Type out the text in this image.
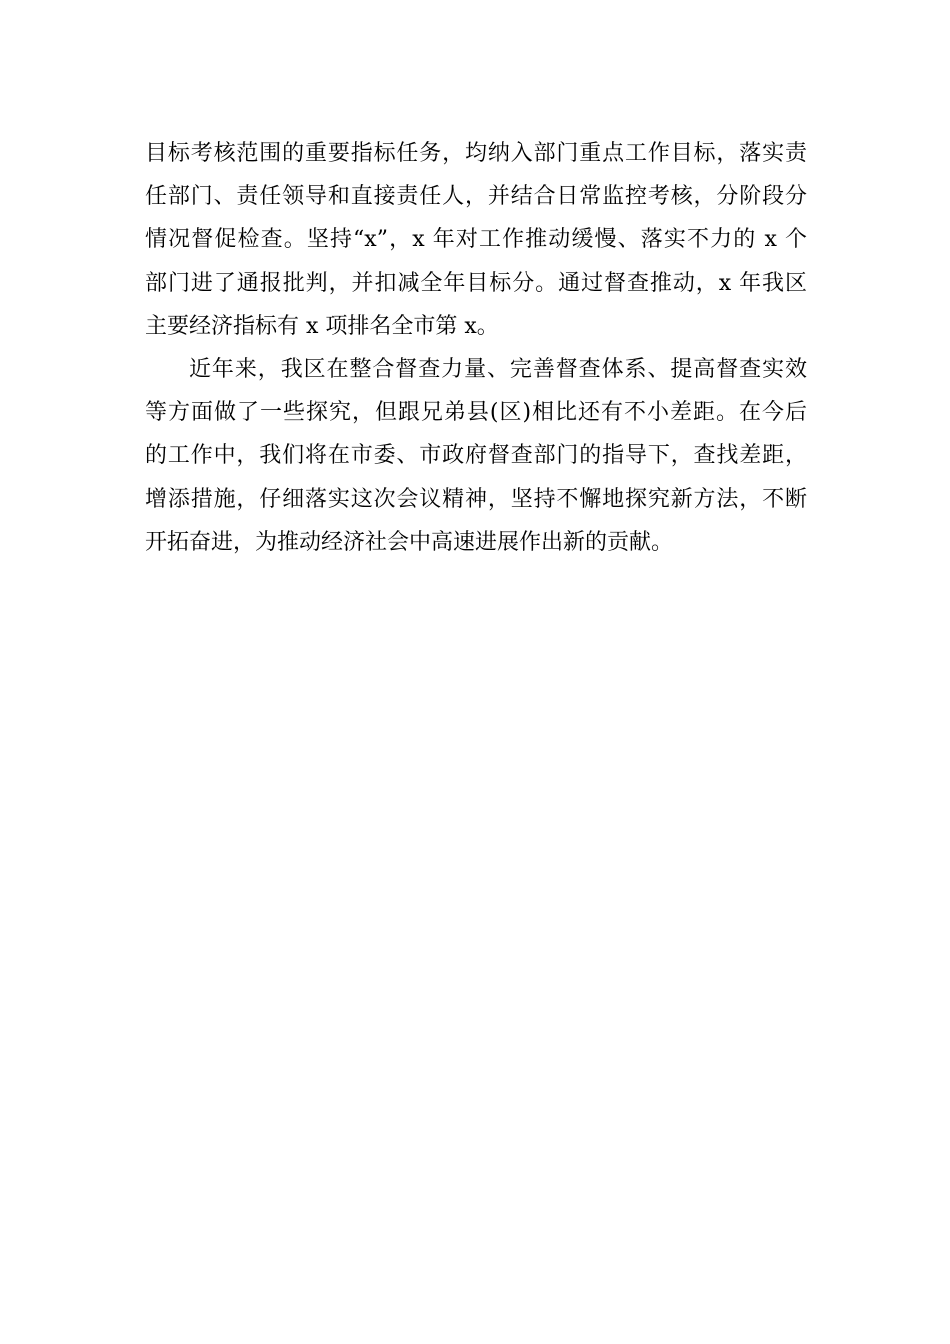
目标考核范围的重要指标任务，均纳入部门重点工作目标，落实责
任部门、责任领导和直接责任人，并结合日常监控考核，分阶段分
情况督促检查。坚持“x”，x 年对工作推动缓慢、落实不力的 x 个
部门进了通报批判，并扣减全年目标分。通过督查推动，x 年我区
主要经济指标有 x 项排名全市第 x。
近年来，我区在整合督查力量、完善督查体系、提高督查实效
等方面做了一些探究，但跟兄弟县(区)相比还有不小差距。在今后
的工作中，我们将在市委、市政府督查部门的指导下，查找差距，
增添措施，仔细落实这次会议精神，坚持不懈地探究新方法，不断
开拓奋进，为推动经济社会中高速进展作出新的贡献。
